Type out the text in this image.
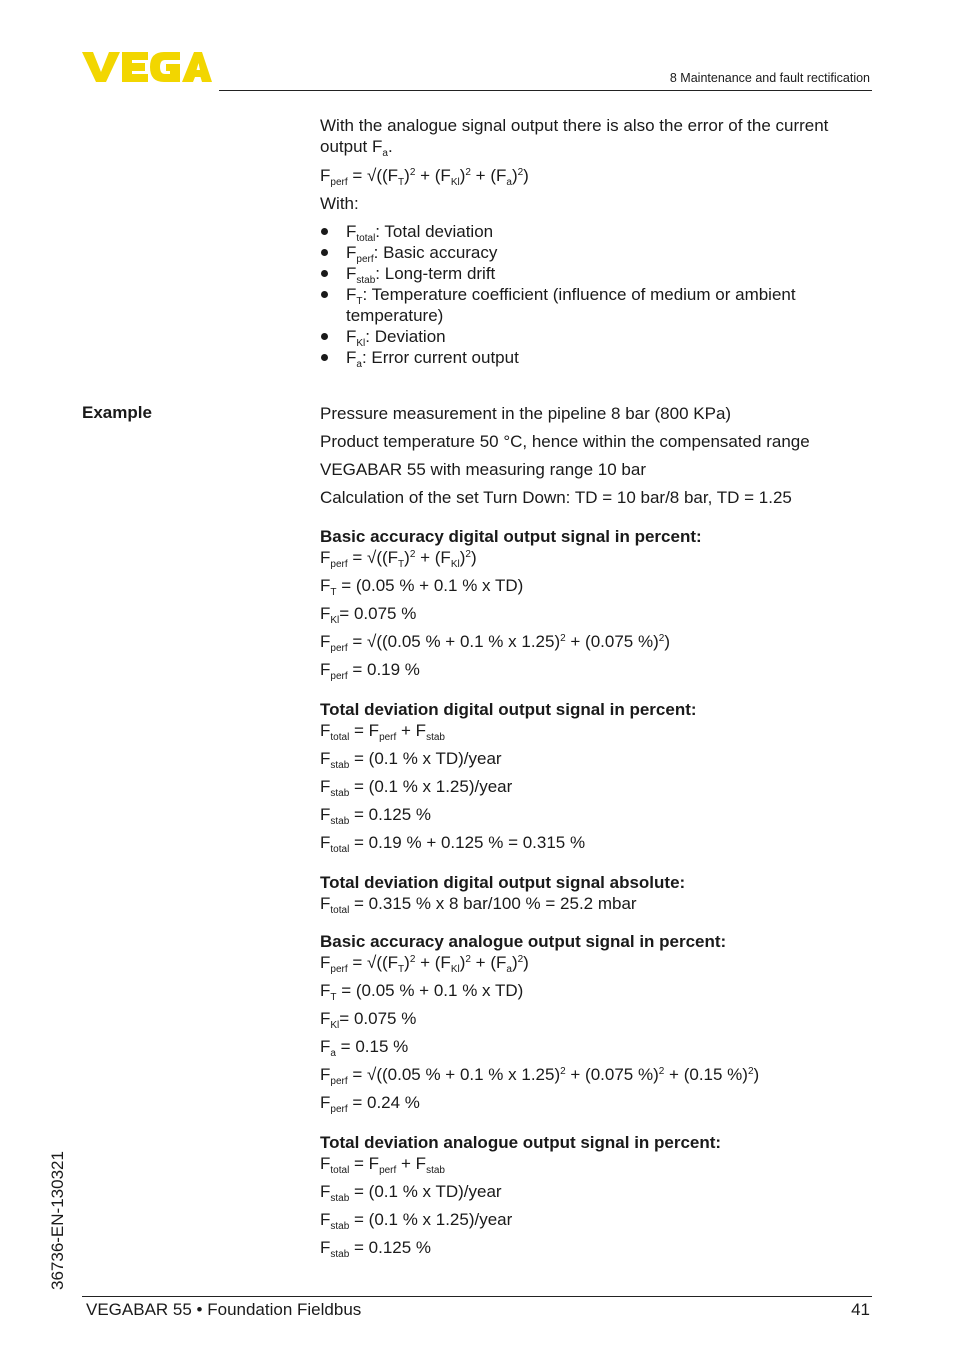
8 Maintenance and fault rectification

With the analogue signal output there is also the error of the current output $F_a$.

$F_{perf} = √((F_T)^2 + (F_{Kl})^2 + (F_a)^2)$

With:

$F_{total}$: Total deviation
$F_{perf}$: Basic accuracy
$F_{stab}$: Long-term drift
$F_T$: Temperature coefficient (influence of medium or ambient temperature)
$F_{Kl}$: Deviation
$F_a$: Error current output
Example	Pressure measurement in the pipeline 8 bar (800 KPa)

Product temperature 50 °C, hence within the compensated range

VEGABAR 55 with measuring range 10 bar

Calculation of the set Turn Down: TD = 10 bar/8 bar, TD = 1.25

Basic accuracy digital output signal in percent:

$F_{perf} = √((F_T)^2 + (F_{Kl})^2)$

$F_T = (0.05$ % + 0.1 % x TD)

$F_{Kl}= 0.075$ %

$F_{perf} = √((0.05$ % + 0.1 % x 1.25)$^2$ + (0.075 %)$^2$)

$F_{perf} = 0.19$ %

Total deviation digital output signal in percent:

$F_{total} = F_{perf} + F_{stab}$

$F_{stab} = (0.1$ % x TD)/year

$F_{stab} = (0.1$ % x 1.25)/year

$F_{stab} = 0.125$ %

$F_{total} = 0.19$ % + 0.125 % = 0.315 %

Total deviation digital output signal absolute:

$F_{total} = 0.315$ % x 8 bar/100 % = 25.2 mbar

Basic accuracy analogue output signal in percent:

$F_{perf} = √((F_T)^2 + (F_{Kl})^2 + (F_a)^2)$

$F_T = (0.05$ % + 0.1 % x TD)

$F_{Kl}= 0.075$ %

$F_a = 0.15$ %

$F_{perf} = √((0.05$ % + 0.1 % x 1.25)$^2$ + (0.075 %)$^2$ + (0.15 %)$^2$)

$F_{perf} = 0.24$ %

Total deviation analogue output signal in percent:

$F_{total} = F_{perf} + F_{stab}$

$F_{stab} = (0.1$ % x TD)/year

$F_{stab} = (0.1$ % x 1.25)/year

$F_{stab} = 0.125$ %

36736-EN-130321
VEGABAR 55 • Foundation Fieldbus	41
